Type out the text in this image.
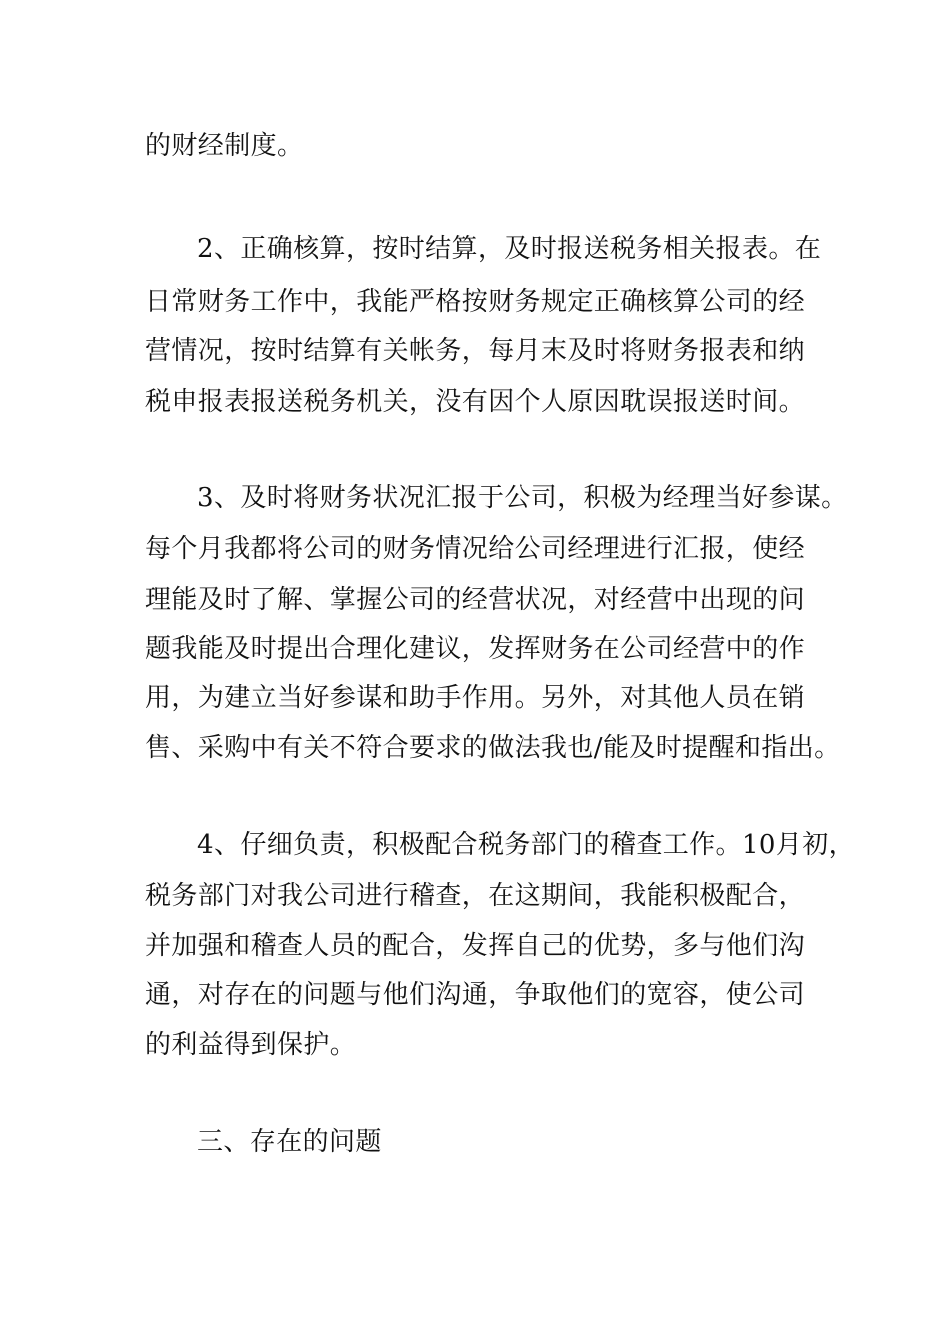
的财经制度。
2、正确核算，按时结算，及时报送税务相关报表。在
日常财务工作中，我能严格按财务规定正确核算公司的经
营情况，按时结算有关帐务，每月末及时将财务报表和纳
税申报表报送税务机关，没有因个人原因耽误报送时间。
3、及时将财务状况汇报于公司，积极为经理当好参谋。
每个月我都将公司的财务情况给公司经理进行汇报，使经
理能及时了解、掌握公司的经营状况，对经营中出现的问
题我能及时提出合理化建议，发挥财务在公司经营中的作
用，为建立当好参谋和助手作用。另外，对其他人员在销
售、采购中有关不符合要求的做法我也/能及时提醒和指出。
4、仔细负责，积极配合税务部门的稽查工作。10月初，
税务部门对我公司进行稽查，在这期间，我能积极配合，
并加强和稽查人员的配合，发挥自己的优势，多与他们沟
通，对存在的问题与他们沟通，争取他们的宽容，使公司
的利益得到保护。
三、存在的问题
